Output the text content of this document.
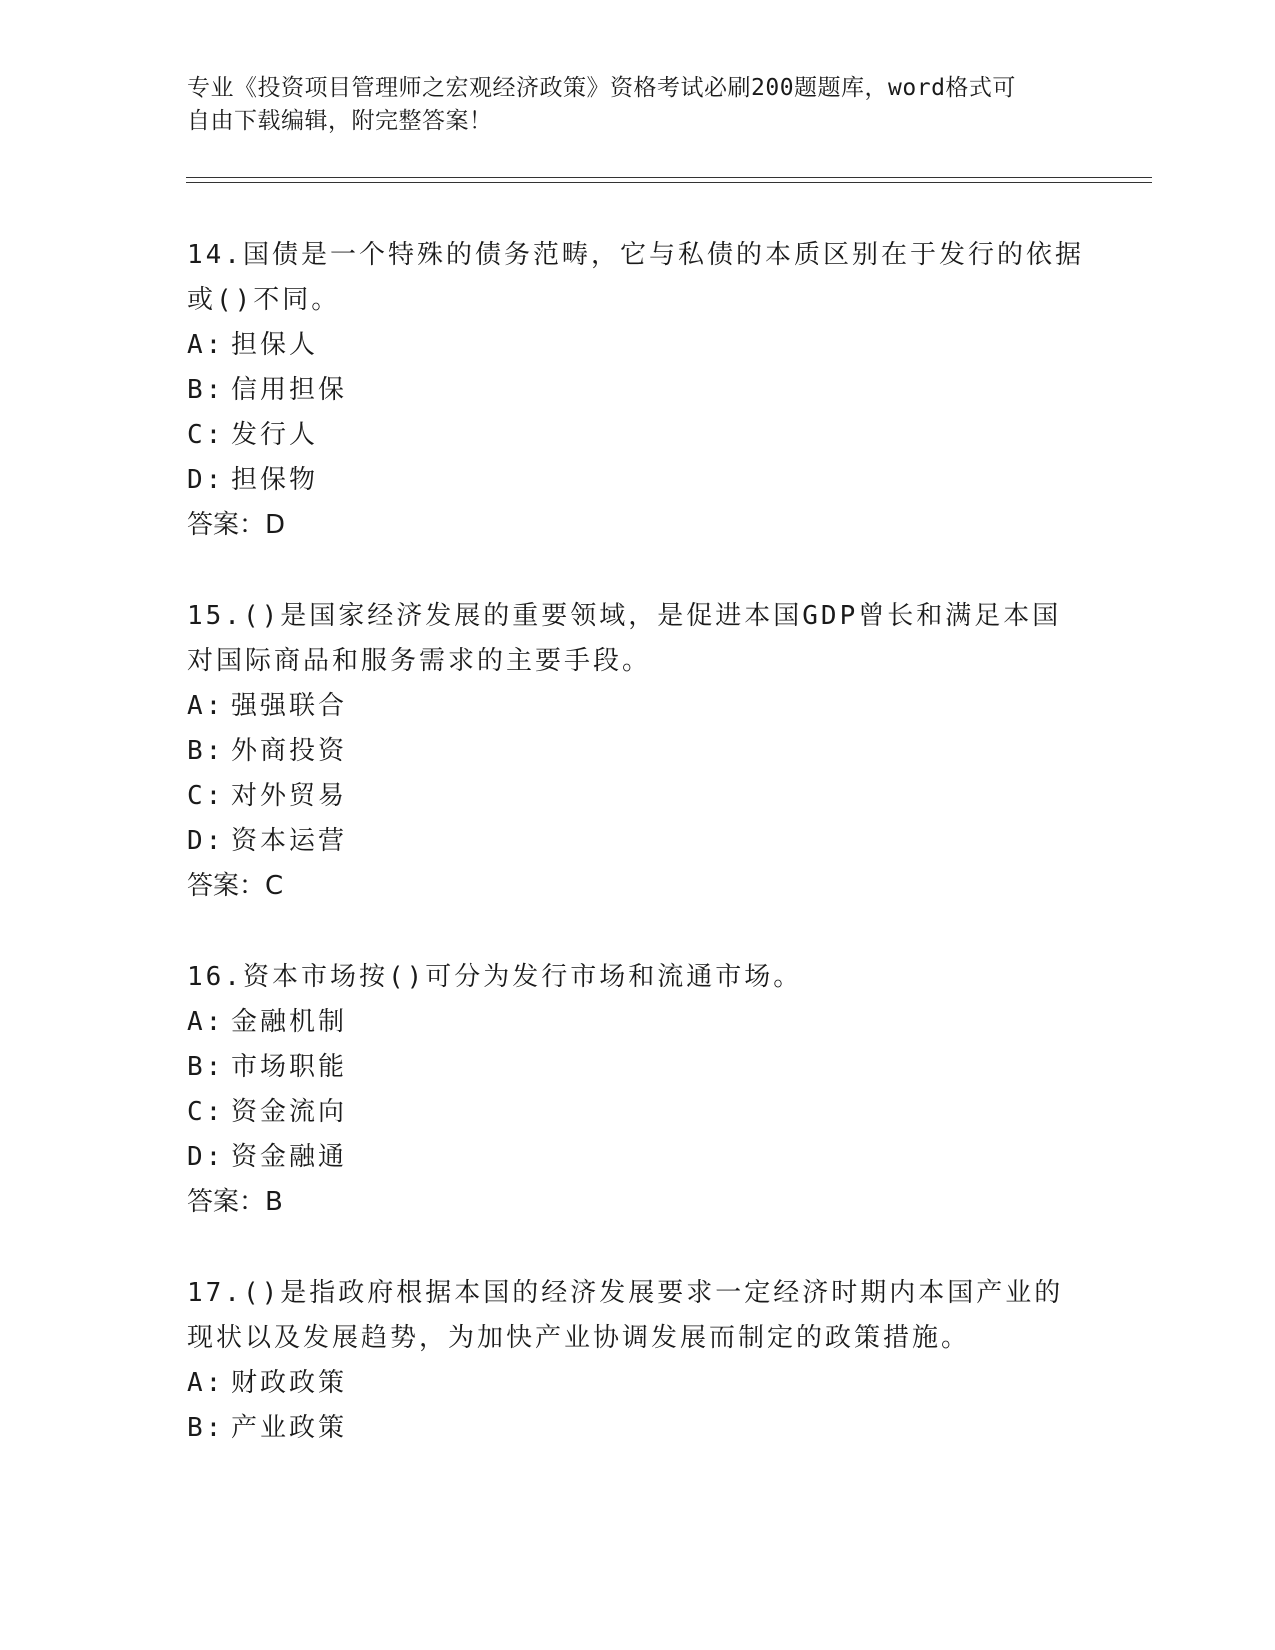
专业《投资项目管理师之宏观经济政策》资格考试必刷200题题库，word格式可
自由下载编辑，附完整答案！

14.国债是一个特殊的债务范畴，它与私债的本质区别在于发行的依据或()不同。

A: 担保人

B: 信用担保

C: 发行人

D: 担保物

答案：D

15.()是国家经济发展的重要领域，是促进本国GDP曾长和满足本国对国际商品和服务需求的主要手段。

A: 强强联合

B: 外商投资

C: 对外贸易

D: 资本运营

答案：C

16.资本市场按()可分为发行市场和流通市场。

A: 金融机制

B: 市场职能

C: 资金流向

D: 资金融通

答案：B

17.()是指政府根据本国的经济发展要求一定经济时期内本国产业的现状以及发展趋势，为加快产业协调发展而制定的政策措施。

A: 财政政策

B: 产业政策
